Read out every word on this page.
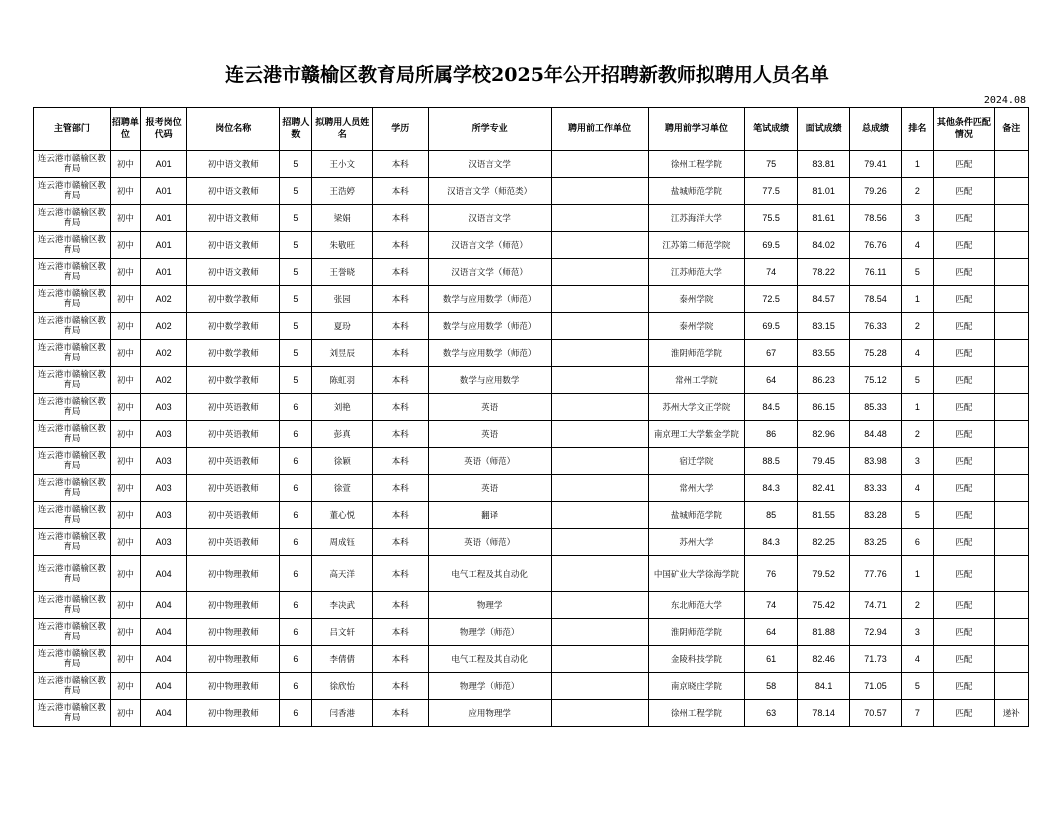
连云港市赣榆区教育局所属学校2025年公开招聘新教师拟聘用人员名单
2024.08
主管部门	招聘单位	报考岗位代码	岗位名称	招聘人数	拟聘用人员姓名	学历	所学专业	聘用前工作单位	聘用前学习单位	笔试成绩	面试成绩	总成绩	排名	其他条件匹配情况	备注
连云港市赣榆区教育局	初中	A01	初中语文教师	5	王小文	本科	汉语言文学		徐州工程学院	75	83.81	79.41	1	匹配	
连云港市赣榆区教育局	初中	A01	初中语文教师	5	王浩婷	本科	汉语言文学（师范类）		盐城师范学院	77.5	81.01	79.26	2	匹配	
连云港市赣榆区教育局	初中	A01	初中语文教师	5	梁娟	本科	汉语言文学		江苏海洋大学	75.5	81.61	78.56	3	匹配	
连云港市赣榆区教育局	初中	A01	初中语文教师	5	朱敬旺	本科	汉语言文学（师范）		江苏第二师范学院	69.5	84.02	76.76	4	匹配	
连云港市赣榆区教育局	初中	A01	初中语文教师	5	王誉晓	本科	汉语言文学（师范）		江苏师范大学	74	78.22	76.11	5	匹配	
连云港市赣榆区教育局	初中	A02	初中数学教师	5	张园	本科	数学与应用数学（师范）		泰州学院	72.5	84.57	78.54	1	匹配	
连云港市赣榆区教育局	初中	A02	初中数学教师	5	夏玢	本科	数学与应用数学（师范）		泰州学院	69.5	83.15	76.33	2	匹配	
连云港市赣榆区教育局	初中	A02	初中数学教师	5	刘昱辰	本科	数学与应用数学（师范）		淮阴师范学院	67	83.55	75.28	4	匹配	
连云港市赣榆区教育局	初中	A02	初中数学教师	5	陈虹羽	本科	数学与应用数学		常州工学院	64	86.23	75.12	5	匹配	
连云港市赣榆区教育局	初中	A03	初中英语教师	6	刘艳	本科	英语		苏州大学文正学院	84.5	86.15	85.33	1	匹配	
连云港市赣榆区教育局	初中	A03	初中英语教师	6	彭真	本科	英语		南京理工大学紫金学院	86	82.96	84.48	2	匹配	
连云港市赣榆区教育局	初中	A03	初中英语教师	6	徐颖	本科	英语（师范）		宿迁学院	88.5	79.45	83.98	3	匹配	
连云港市赣榆区教育局	初中	A03	初中英语教师	6	徐萱	本科	英语		常州大学	84.3	82.41	83.33	4	匹配	
连云港市赣榆区教育局	初中	A03	初中英语教师	6	董心悦	本科	翻译		盐城师范学院	85	81.55	83.28	5	匹配	
连云港市赣榆区教育局	初中	A03	初中英语教师	6	周成钰	本科	英语（师范）		苏州大学	84.3	82.25	83.25	6	匹配	
连云港市赣榆区教育局	初中	A04	初中物理教师	6	高天洋	本科	电气工程及其自动化		中国矿业大学徐海学院	76	79.52	77.76	1	匹配	
连云港市赣榆区教育局	初中	A04	初中物理教师	6	李决武	本科	物理学		东北师范大学	74	75.42	74.71	2	匹配	
连云港市赣榆区教育局	初中	A04	初中物理教师	6	吕文轩	本科	物理学（师范）		淮阴师范学院	64	81.88	72.94	3	匹配	
连云港市赣榆区教育局	初中	A04	初中物理教师	6	李倩倩	本科	电气工程及其自动化		金陵科技学院	61	82.46	71.73	4	匹配	
连云港市赣榆区教育局	初中	A04	初中物理教师	6	徐欣怡	本科	物理学（师范）		南京晓庄学院	58	84.1	71.05	5	匹配	
连云港市赣榆区教育局	初中	A04	初中物理教师	6	闫香港	本科	应用物理学		徐州工程学院	63	78.14	70.57	7	匹配	递补
